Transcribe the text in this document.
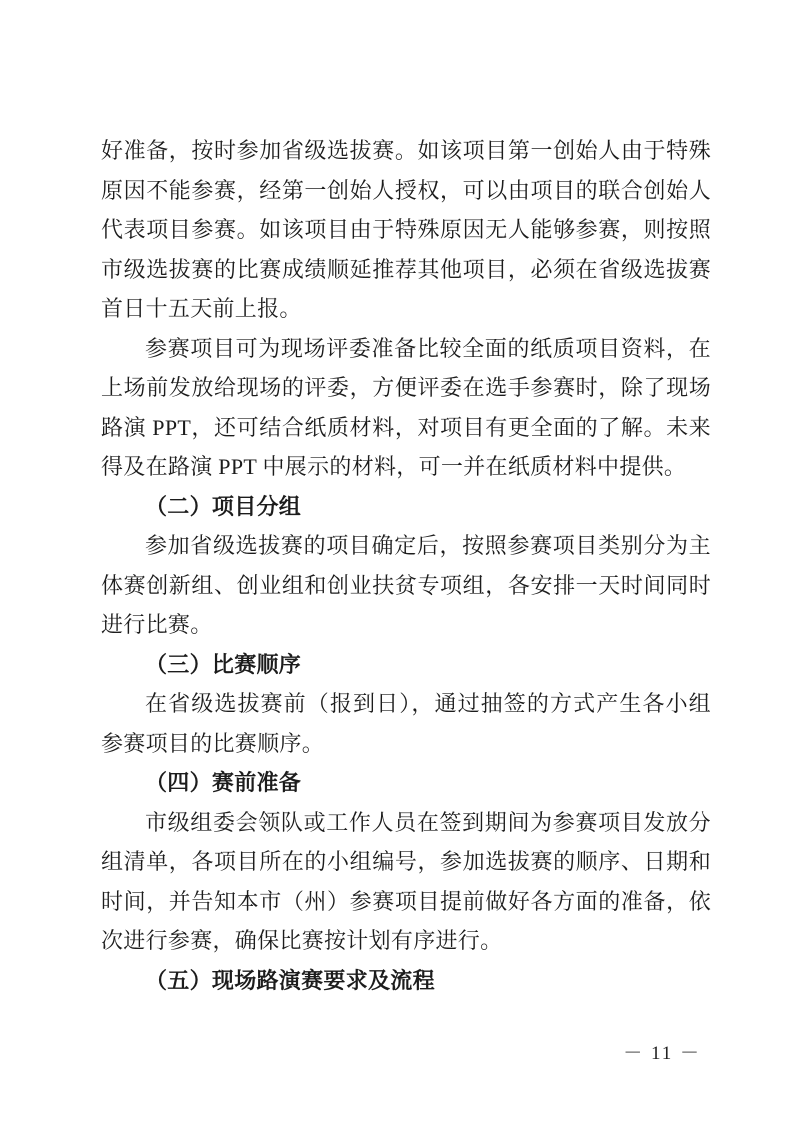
好准备，按时参加省级选拔赛。如该项目第一创始人由于特殊原因不能参赛，经第一创始人授权，可以由项目的联合创始人代表项目参赛。如该项目由于特殊原因无人能够参赛，则按照市级选拔赛的比赛成绩顺延推荐其他项目，必须在省级选拔赛首日十五天前上报。

参赛项目可为现场评委准备比较全面的纸质项目资料，在上场前发放给现场的评委，方便评委在选手参赛时，除了现场路演 PPT，还可结合纸质材料，对项目有更全面的了解。未来得及在路演 PPT 中展示的材料，可一并在纸质材料中提供。

（二）项目分组

参加省级选拔赛的项目确定后，按照参赛项目类别分为主体赛创新组、创业组和创业扶贫专项组，各安排一天时间同时进行比赛。

（三）比赛顺序

在省级选拔赛前（报到日），通过抽签的方式产生各小组参赛项目的比赛顺序。

（四）赛前准备

市级组委会领队或工作人员在签到期间为参赛项目发放分组清单，各项目所在的小组编号，参加选拔赛的顺序、日期和时间，并告知本市（州）参赛项目提前做好各方面的准备，依次进行参赛，确保比赛按计划有序进行。

（五）现场路演赛要求及流程

－ 11 －
